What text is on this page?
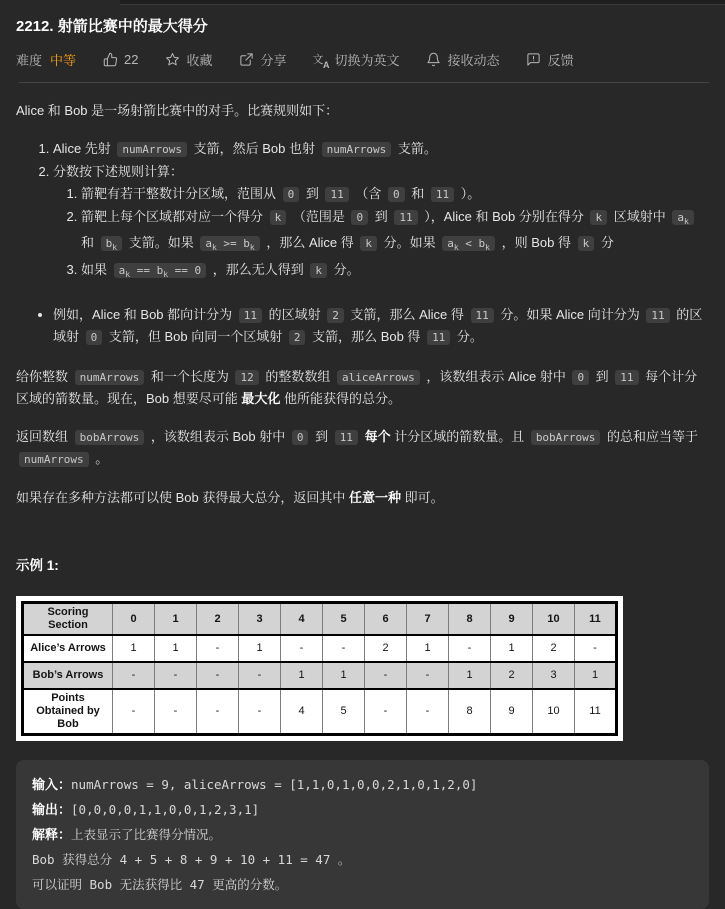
2212. 射箭比赛中的最大得分
难度 中等	22	收藏	分享 文 A 切换为英文	接收动态	反馈

Alice 和 Bob 是一场射箭比赛中的对手。比赛规则如下：

1. Alice 先射 numArrows 支箭，然后 Bob 也射 numArrows 支箭。
2. 分数按下述规则计算：
1. 箭靶有若干整数计分区域，范围从 0 到 11 （含 0 和 11 ）。
2. 箭靶上每个区域都对应一个得分 k （范围是 0 到 11 ），Alice 和 Bob 分别在得分 k 区域射中 $a_k$ 和 $b_k$ 支箭。如果 $a_k >= b_k$ ，那么 Alice 得 k 分。如果 $a_k < b_k$ ，则 Bob 得 k 分
3. 如果 $a_k == b_k == 0$ ，那么无人得到 k 分。
• 例如，Alice 和 Bob 都向计分为 11 的区域射 2 支箭，那么 Alice 得 11 分。如果 Alice 向计分为 11 的区域射 0 支箭，但 Bob 向同一个区域射 2 支箭，那么 Bob 得 11 分。

给你整数 numArrows 和一个长度为 12 的整数数组 aliceArrows ，该数组表示 Alice 射中 0 到 11 每个计分区域的箭数量。现在，Bob 想要尽可能 最大化 他所能获得的总分。

返回数组 bobArrows ，该数组表示 Bob 射中 0 到 11 每个 计分区域的箭数量。且 bobArrows 的总和应当等于 numArrows 。

如果存在多种方法都可以使 Bob 获得最大总分，返回其中 任意一种 即可。

示例 1:
Scoring Section	0	1	2	3	4	5	6	7	8	9	10	11
Alice’s Arrows	1	1	-	1	-	-	2	1	-	1	2	-
Bob’s Arrows	-	-	-	-	1	1	-	-	1	2	3	1
Points Obtained by Bob	-	-	-	-	4	5	-	-	8	9	10	11
输入：numArrows = 9, aliceArrows = [1,1,0,1,0,0,2,1,0,1,2,0]
输出：[0,0,0,0,1,1,0,0,1,2,3,1]
解释：上表显示了比赛得分情况。
Bob 获得总分 4 + 5 + 8 + 9 + 10 + 11 = 47 。
可以证明 Bob 无法获得比 47 更高的分数。
